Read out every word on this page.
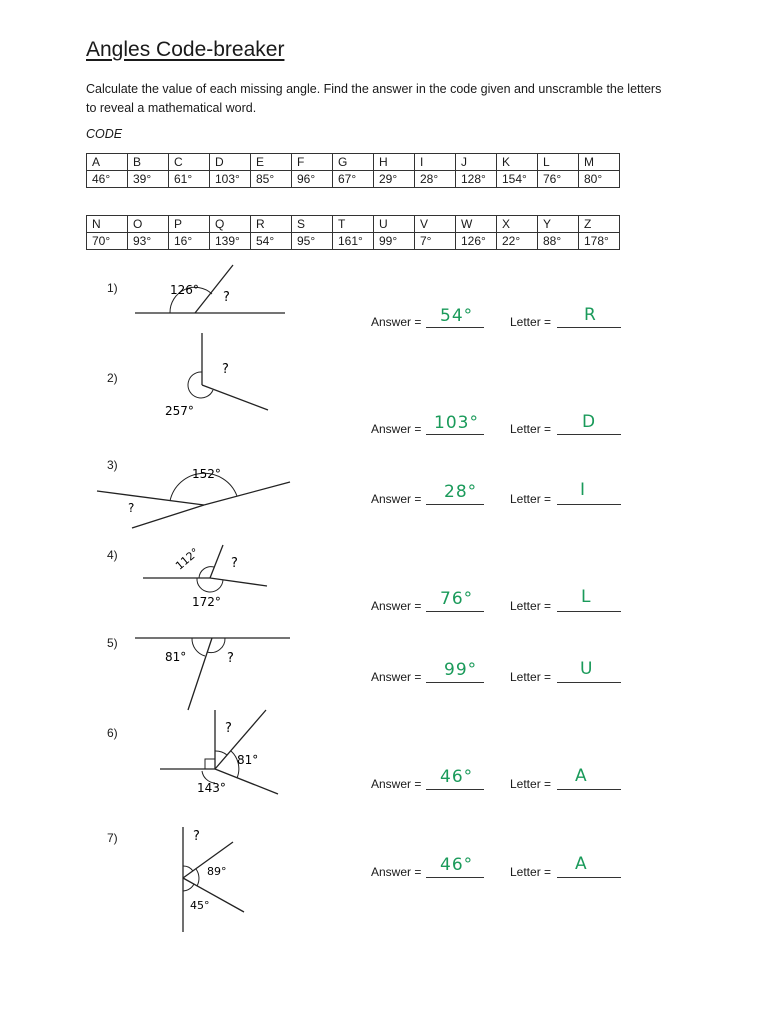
Angles Code-breaker
Calculate the value of each missing angle. Find the answer in the code given and unscramble the letters to reveal a mathematical word.
CODE
A	B	C	D	E	F	G	H	I	J	K	L	M
46°	39°	61°	103°	85°	96°	67°	29°	28°	128°	154°	76°	80°
N	O	P	Q	R	S	T	U	V	W	X	Y	Z
70°	93°	16°	139°	54°	95°	161°	99°	7°	126°	22°	88°	178°
1)	126° ?
Answer = 54°	Letter = R
2)
257°
?
Answer = 103°	Letter = D
3)
152°
?
Answer = 28°	Letter = I
4)	112°
172°
?
Answer = 76°	Letter = L
5)
81°	?
Answer = 99°	Letter = U
6)
81°
143°
?
Answer = 46°	Letter = A
7)	?
89°
45°
Answer = 46°	Letter = A
